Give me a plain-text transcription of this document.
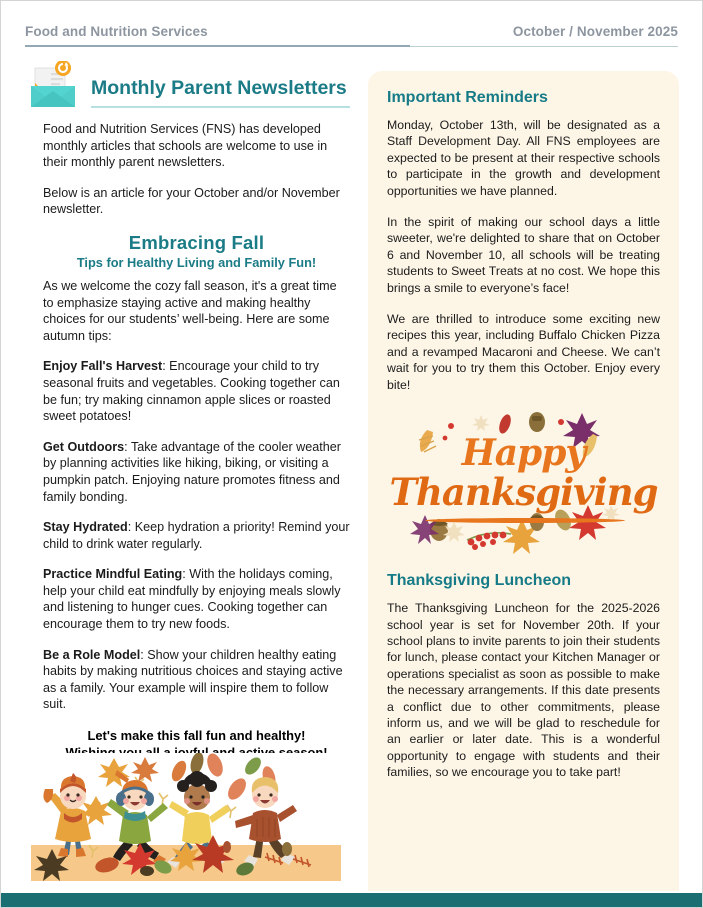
Food and Nutrition Services	October / November 2025
Monthly Parent Newsletters

Food and Nutrition Services (FNS) has developed monthly articles that schools are welcome to use in their monthly parent newsletters.

Below is an article for your October and/or November newsletter.

Embracing Fall
Tips for Healthy Living and Family Fun!

As we welcome the cozy fall season, it's a great time to emphasize staying active and making healthy choices for our students’ well-being. Here are some autumn tips:

Enjoy Fall's Harvest: Encourage your child to try seasonal fruits and vegetables. Cooking together can be fun; try making cinnamon apple slices or roasted sweet potatoes!

Get Outdoors: Take advantage of the cooler weather by planning activities like hiking, biking, or visiting a pumpkin patch. Enjoying nature promotes fitness and family bonding.

Stay Hydrated: Keep hydration a priority! Remind your child to drink water regularly.

Practice Mindful Eating: With the holidays coming, help your child eat mindfully by enjoying meals slowly and listening to hunger cues. Cooking together can encourage them to try new foods.

Be a Role Model: Show your children healthy eating habits by making nutritious choices and staying active as a family. Your example will inspire them to follow suit.

Let's make this fall fun and healthy!
Important Reminders

Monday, October 13th, will be designated as a Staff Development Day. All FNS employees are expected to be present at their respective schools to participate in the growth and development opportunities we have planned.

In the spirit of making our school days a little sweeter, we're delighted to share that on October 6 and November 10, all schools will be treating students to Sweet Treats at no cost. We hope this brings a smile to everyone’s face!

We are thrilled to introduce some exciting new recipes this year, including Buffalo Chicken Pizza and a revamped Macaroni and Cheese. We can’t wait for you to try them this October. Enjoy every bite!

Happy
Thanksgiving
Thanksgiving Luncheon

The Thanksgiving Luncheon for the 2025-2026 school year is set for November 20th. If your school plans to invite parents to join their students for lunch, please contact your Kitchen Manager or operations specialist as soon as possible to make the necessary arrangements. If this date presents a conflict due to other commitments, please inform us, and we will be glad to reschedule for an earlier or later date. This is a wonderful opportunity to engage with students and their families, so we encourage you to take part!
